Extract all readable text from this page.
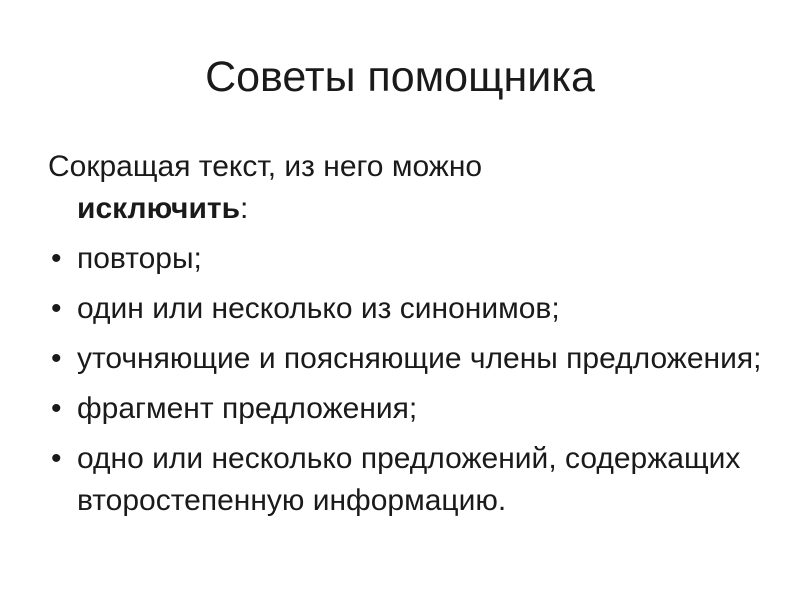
Советы помощника

Сокращая текст, из него можно
исключить:

• повторы;
• один или несколько из синонимов;
• уточняющие и поясняющие члены предложения;
• фрагмент предложения;
• одно или несколько предложений, содержащих второстепенную информацию.
